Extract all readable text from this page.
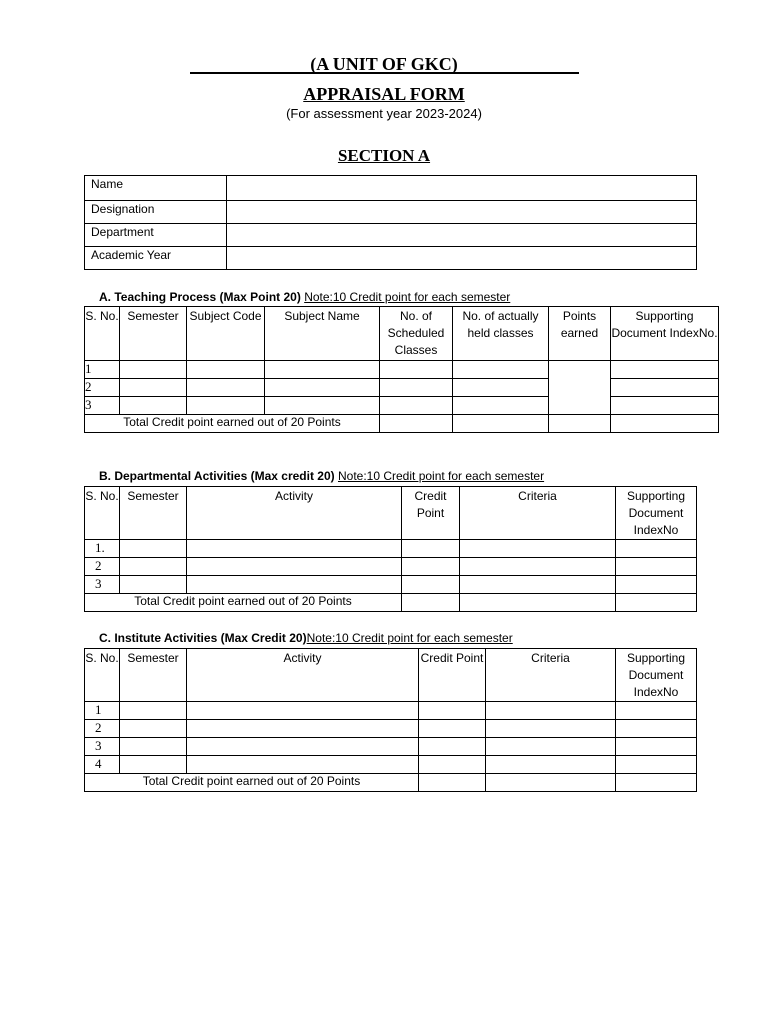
(A UNIT OF GKC)
APPRAISAL FORM
(For assessment year 2023-2024)
SECTION A
Name	
Designation	
Department	
Academic Year	
A. Teaching Process (Max Point 20) Note:10 Credit point for each semester
S. No.	Semester	Subject Code	Subject Name	No. of Scheduled Classes	No. of actually held classes	Points earned	Supporting Document IndexNo.
1							
2							
3							
Total Credit point earned out of 20 Points							
B. Departmental Activities (Max credit 20) Note:10 Credit point for each semester
S. No.	Semester	Activity	Credit Point	Criteria	Supporting Document IndexNo
1.					
2					
3					
Total Credit point earned out of 20 Points					
C. Institute Activities (Max Credit 20)Note:10 Credit point for each semester
S. No.	Semester	Activity	Credit Point	Criteria	Supporting Document IndexNo
1					
2					
3					
4					
Total Credit point earned out of 20 Points					
